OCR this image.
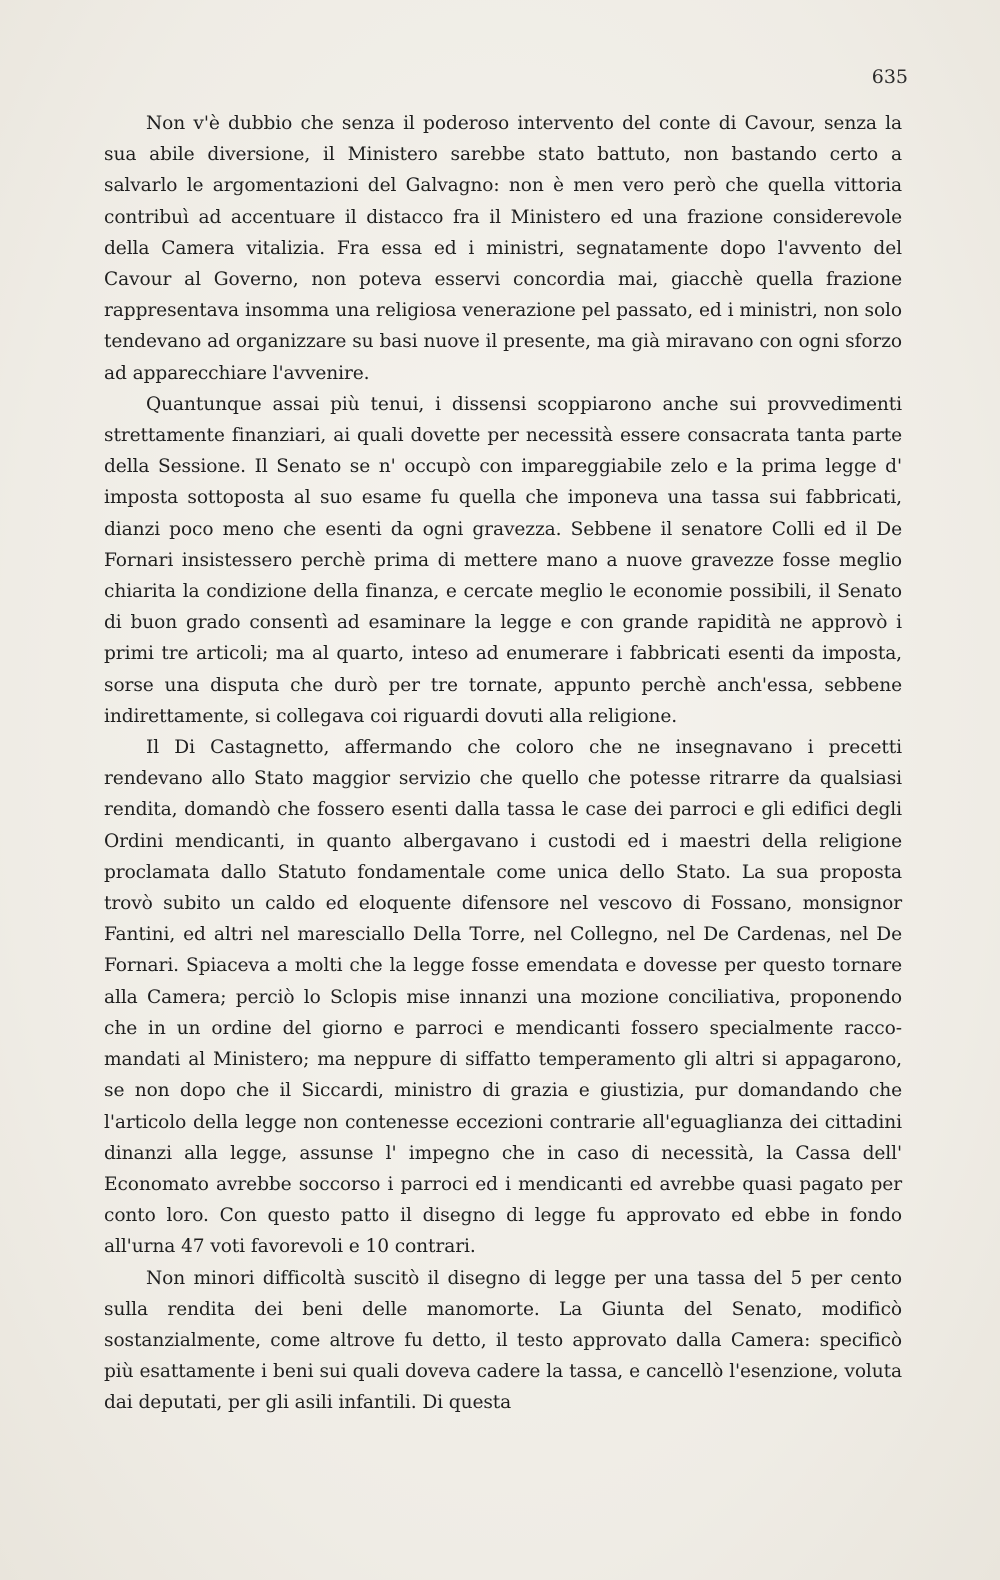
635

Non v'è dubbio che senza il poderoso intervento del conte di Cavour, senza la sua abile diversione, il Ministero sarebbe stato battuto, non bastando certo a salvarlo le argomentazioni del Galvagno: non è men vero però che quella vittoria contribuì ad accentuare il distacco fra il Ministero ed una frazione considerevole della Camera vitalizia. Fra essa ed i ministri, segnatamente dopo l'avvento del Cavour al Governo, non poteva esservi concordia mai, giacchè quella frazione rappresentava insomma una religiosa venerazione pel passato, ed i ministri, non solo tendevano ad organizzare su basi nuove il presente, ma già miravano con ogni sforzo ad apparecchiare l'avvenire.

Quantunque assai più tenui, i dissensi scoppiarono anche sui provvedimenti strettamente finanziari, ai quali dovette per necessità essere consacrata tanta parte della Sessione. Il Senato se n' occupò con impareggiabile zelo e la prima legge d' imposta sottoposta al suo esame fu quella che imponeva una tassa sui fabbricati, dianzi poco meno che esenti da ogni gravezza. Sebbene il senatore Colli ed il De Fornari insistessero perchè prima di mettere mano a nuove gravezze fosse meglio chiarita la condizione della finanza, e cercate meglio le economie possibili, il Senato di buon grado consentì ad esaminare la legge e con grande rapidità ne approvò i primi tre articoli; ma al quarto, inteso ad enumerare i fabbricati esenti da imposta, sorse una disputa che durò per tre tornate, appunto perchè anch'essa, sebbene indirettamente, si collegava coi riguardi dovuti alla religione.

Il Di Castagnetto, affermando che coloro che ne insegnavano i precetti rendevano allo Stato maggior servizio che quello che potesse ritrarre da qualsiasi rendita, domandò che fossero esenti dalla tassa le case dei parroci e gli edifici degli Ordini mendicanti, in quanto albergavano i custodi ed i maestri della religione proclamata dallo Statuto fondamentale come unica dello Stato. La sua proposta trovò subito un caldo ed eloquente difensore nel vescovo di Fossano, monsignor Fantini, ed altri nel maresciallo Della Torre, nel Collegno, nel De Cardenas, nel De Fornari. Spiaceva a molti che la legge fosse emendata e dovesse per questo tornare alla Camera; perciò lo Sclopis mise innanzi una mozione conciliativa, proponendo che in un ordine del giorno e parroci e mendicanti fossero specialmente raccomandati al Ministero; ma neppure di siffatto temperamento gli altri si appagarono, se non dopo che il Siccardi, ministro di grazia e giustizia, pur domandando che l'articolo della legge non contenesse eccezioni contrarie all'eguaglianza dei cittadini dinanzi alla legge, assunse l' impegno che in caso di necessità, la Cassa dell' Economato avrebbe soccorso i parroci ed i mendicanti ed avrebbe quasi pagato per conto loro. Con questo patto il disegno di legge fu approvato ed ebbe in fondo all'urna 47 voti favorevoli e 10 contrari.

Non minori difficoltà suscitò il disegno di legge per una tassa del 5 per cento sulla rendita dei beni delle manomorte. La Giunta del Senato, modificò sostanzialmente, come altrove fu detto, il testo approvato dalla Camera: specificò più esattamente i beni sui quali doveva cadere la tassa, e cancellò l'esenzione, voluta dai deputati, per gli asili infantili. Di questa
